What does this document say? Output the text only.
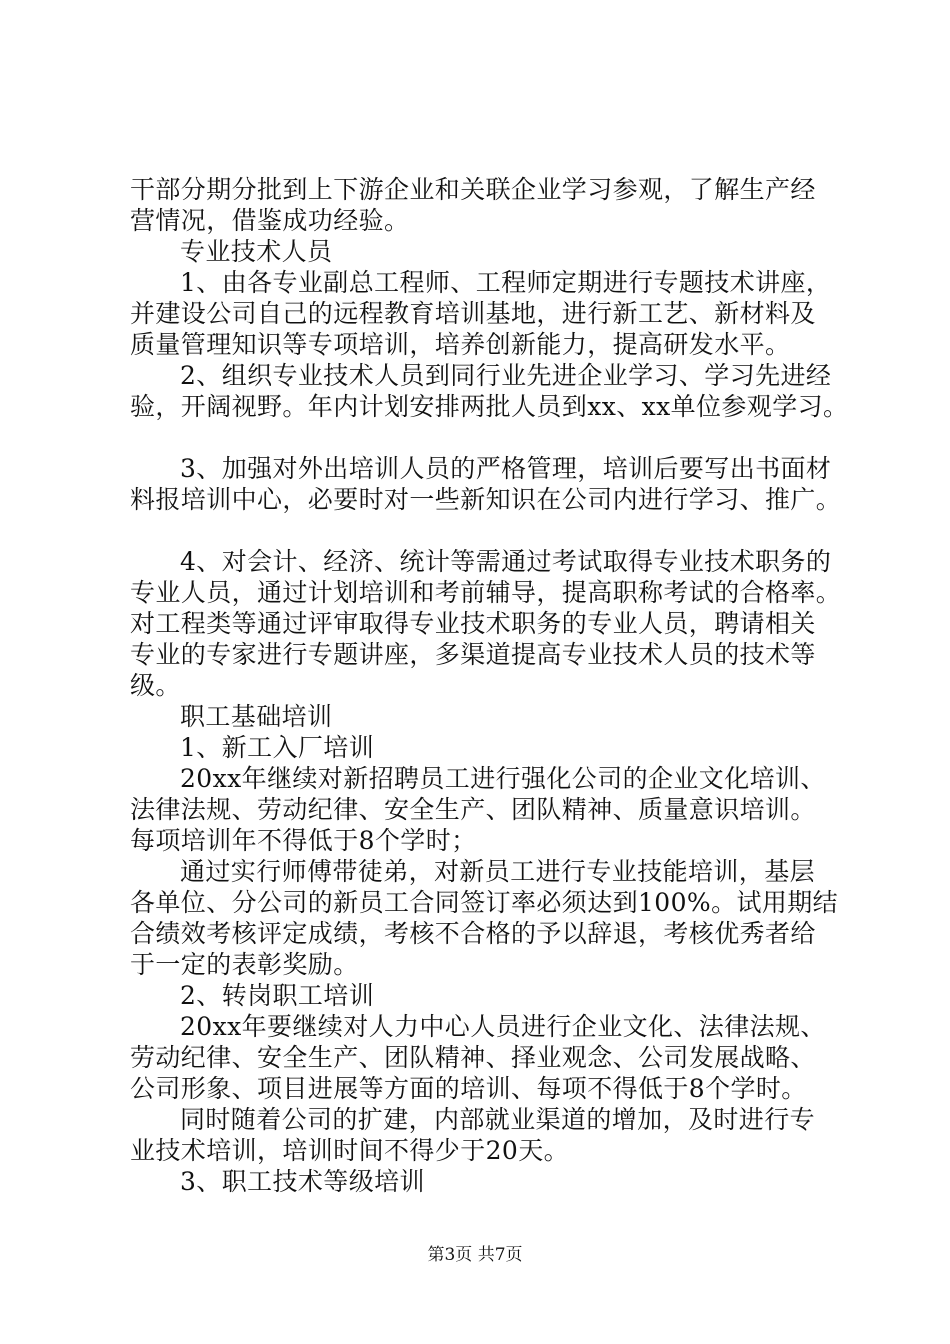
干部分期分批到上下游企业和关联企业学习参观，了解生产经
营情况，借鉴成功经验。
专业技术人员
1、由各专业副总工程师、工程师定期进行专题技术讲座，
并建设公司自己的远程教育培训基地，进行新工艺、新材料及
质量管理知识等专项培训，培养创新能力，提高研发水平。
2、组织专业技术人员到同行业先进企业学习、学习先进经
验，开阔视野。年内计划安排两批人员到xx、xx单位参观学习。
3、加强对外出培训人员的严格管理，培训后要写出书面材
料报培训中心，必要时对一些新知识在公司内进行学习、推广。
4、对会计、经济、统计等需通过考试取得专业技术职务的
专业人员，通过计划培训和考前辅导，提高职称考试的合格率。
对工程类等通过评审取得专业技术职务的专业人员，聘请相关
专业的专家进行专题讲座，多渠道提高专业技术人员的技术等
级。
职工基础培训
1、新工入厂培训
20xx年继续对新招聘员工进行强化公司的企业文化培训、
法律法规、劳动纪律、安全生产、团队精神、质量意识培训。
每项培训年不得低于8个学时；
通过实行师傅带徒弟，对新员工进行专业技能培训，基层
各单位、分公司的新员工合同签订率必须达到100%。试用期结
合绩效考核评定成绩，考核不合格的予以辞退，考核优秀者给
于一定的表彰奖励。
2、转岗职工培训
20xx年要继续对人力中心人员进行企业文化、法律法规、
劳动纪律、安全生产、团队精神、择业观念、公司发展战略、
公司形象、项目进展等方面的培训、每项不得低于8个学时。
同时随着公司的扩建，内部就业渠道的增加，及时进行专
业技术培训，培训时间不得少于20天。
3、职工技术等级培训
第3页 共7页
